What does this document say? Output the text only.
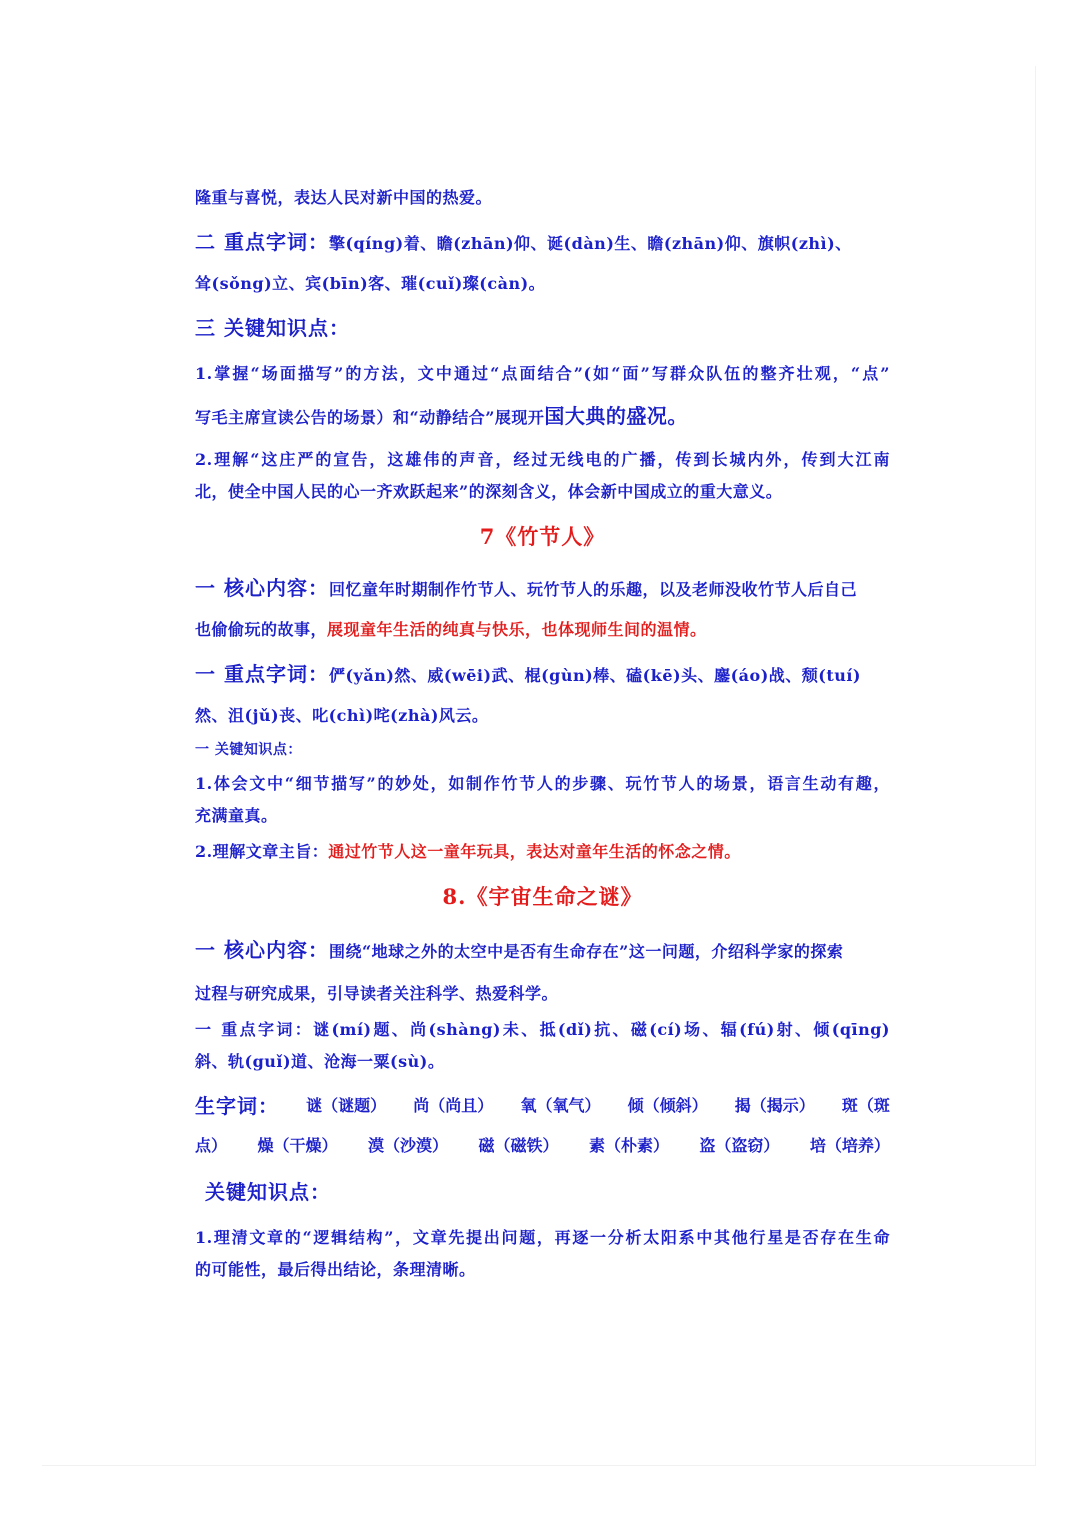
隆重与喜悦，表达人民对新中国的热爱。
二 重点字词：擎(qíng)着、瞻(zhān)仰、诞(dàn)生、瞻(zhān)仰、旗帜(zhì)、
耸(sǒng)立、宾(bīn)客、璀(cuǐ)璨(càn)。
三 关键知识点：
1.掌握“场面描写”的方法，文中通过“点面结合”(如“面”写群众队伍的整齐壮观，“点”
写毛主席宣读公告的场景）和“动静结合”展现开国大典的盛况。
2.理解“这庄严的宣告，这雄伟的声音，经过无线电的广播，传到长城内外，传到大江南
北，使全中国人民的心一齐欢跃起来”的深刻含义，体会新中国成立的重大意义。
7《竹节人》
一 核心内容：回忆童年时期制作竹节人、玩竹节人的乐趣，以及老师没收竹节人后自己
也偷偷玩的故事，展现童年生活的纯真与快乐，也体现师生间的温情。
一 重点字词：俨(yǎn)然、威(wēi)武、棍(gùn)棒、磕(kē)头、鏖(áo)战、颓(tuí)
然、沮(jǔ)丧、叱(chì)咤(zhà)风云。
一 关键知识点：
1.体会文中“细节描写”的妙处，如制作竹节人的步骤、玩竹节人的场景，语言生动有趣，
充满童真。
2.理解文章主旨：通过竹节人这一童年玩具，表达对童年生活的怀念之情。
8.《宇宙生命之谜》
一 核心内容：围绕“地球之外的太空中是否有生命存在”这一问题，介绍科学家的探索
过程与研究成果，引导读者关注科学、热爱科学。
一 重点字词：谜(mí)题、尚(shàng)未、抵(dǐ)抗、磁(cí)场、辐(fú)射、倾(qīng)
斜、轨(guǐ)道、沧海一粟(sù)。
生字词： 谜（谜题） 尚（尚且） 氧（氧气） 倾（倾斜） 揭（揭示） 斑（斑
点） 燥（干燥） 漠（沙漠） 磁（磁铁） 素（朴素） 盗（盗窃） 培（培养）
关键知识点：
1.理清文章的“逻辑结构”，文章先提出问题，再逐一分析太阳系中其他行星是否存在生命
的可能性，最后得出结论，条理清晰。
